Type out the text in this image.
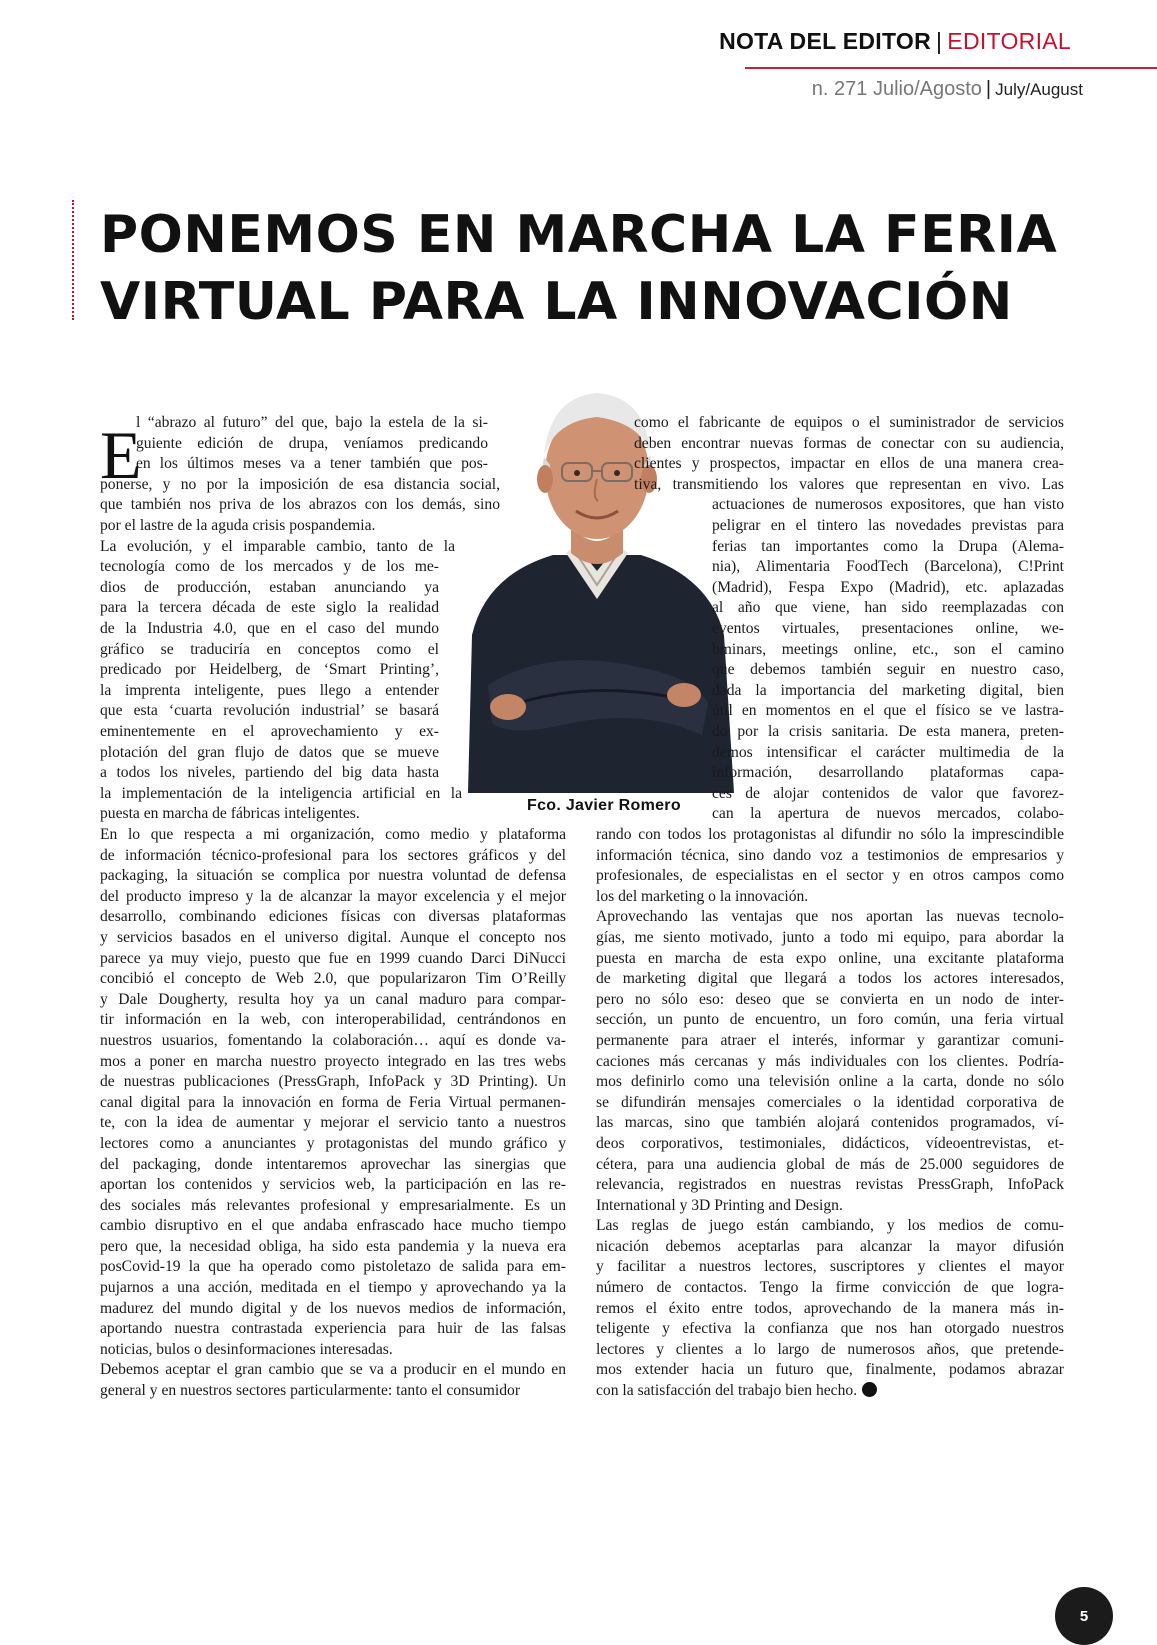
NOTA DEL EDITOR | EDITORIAL
n. 271 Julio/Agosto | July/August
PONEMOS EN MARCHA LA FERIA
VIRTUAL PARA LA INNOVACIÓN
Fco. Javier Romero
E
l “abrazo al futuro” del que, bajo la estela de la si-
guiente edición de drupa, veníamos predicando
en los últimos meses va a tener también que pos-
ponerse, y no por la imposición de esa distancia social,
que también nos priva de los abrazos con los demás, sino
por el lastre de la aguda crisis pospandemia.
La evolución, y el imparable cambio, tanto de la
tecnología como de los mercados y de los me-
dios de producción, estaban anunciando ya
para la tercera década de este siglo la realidad
de la Industria 4.0, que en el caso del mundo
gráfico se traduciría en conceptos como el
predicado por Heidelberg, de ‘Smart Printing’,
la imprenta inteligente, pues llego a entender
que esta ‘cuarta revolución industrial’ se basará
eminentemente en el aprovechamiento y ex-
plotación del gran flujo de datos que se mueve
a todos los niveles, partiendo del big data hasta
la implementación de la inteligencia artificial en la
puesta en marcha de fábricas inteligentes.
En lo que respecta a mi organización, como medio y plataforma
de información técnico-profesional para los sectores gráficos y del
packaging, la situación se complica por nuestra voluntad de defensa
del producto impreso y la de alcanzar la mayor excelencia y el mejor
desarrollo, combinando ediciones físicas con diversas plataformas
y servicios basados en el universo digital. Aunque el concepto nos
parece ya muy viejo, puesto que fue en 1999 cuando Darci DiNucci
concibió el concepto de Web 2.0, que popularizaron Tim O’Reilly
y Dale Dougherty, resulta hoy ya un canal maduro para compar-
tir información en la web, con interoperabilidad, centrándonos en
nuestros usuarios, fomentando la colaboración… aquí es donde va-
mos a poner en marcha nuestro proyecto integrado en las tres webs
de nuestras publicaciones (PressGraph, InfoPack y 3D Printing). Un
canal digital para la innovación en forma de Feria Virtual permanen-
te, con la idea de aumentar y mejorar el servicio tanto a nuestros
lectores como a anunciantes y protagonistas del mundo gráfico y
del packaging, donde intentaremos aprovechar las sinergias que
aportan los contenidos y servicios web, la participación en las re-
des sociales más relevantes profesional y empresarialmente. Es un
cambio disruptivo en el que andaba enfrascado hace mucho tiempo
pero que, la necesidad obliga, ha sido esta pandemia y la nueva era
posCovid-19 la que ha operado como pistoletazo de salida para em-
pujarnos a una acción, meditada en el tiempo y aprovechando ya la
madurez del mundo digital y de los nuevos medios de información,
aportando nuestra contrastada experiencia para huir de las falsas
noticias, bulos o desinformaciones interesadas.
Debemos aceptar el gran cambio que se va a producir en el mundo en
general y en nuestros sectores particularmente: tanto el consumidor
como el fabricante de equipos o el suministrador de servicios
deben encontrar nuevas formas de conectar con su audiencia,
clientes y prospectos, impactar en ellos de una manera crea-
tiva, transmitiendo los valores que representan en vivo. Las
actuaciones de numerosos expositores, que han visto
peligrar en el tintero las novedades previstas para
ferias tan importantes como la Drupa (Alema-
nia), Alimentaria FoodTech (Barcelona), C!Print
(Madrid), Fespa Expo (Madrid), etc. aplazadas
al año que viene, han sido reemplazadas con
eventos virtuales, presentaciones online, we-
bminars, meetings online, etc., son el camino
que debemos también seguir en nuestro caso,
dada la importancia del marketing digital, bien
útil en momentos en el que el físico se ve lastra-
do por la crisis sanitaria. De esta manera, preten-
demos intensificar el carácter multimedia de la
información, desarrollando plataformas capa-
ces de alojar contenidos de valor que favorez-
can la apertura de nuevos mercados, colabo-
rando con todos los protagonistas al difundir no sólo la imprescindible
información técnica, sino dando voz a testimonios de empresarios y
profesionales, de especialistas en el sector y en otros campos como
los del marketing o la innovación.
Aprovechando las ventajas que nos aportan las nuevas tecnolo-
gías, me siento motivado, junto a todo mi equipo, para abordar la
puesta en marcha de esta expo online, una excitante plataforma
de marketing digital que llegará a todos los actores interesados,
pero no sólo eso: deseo que se convierta en un nodo de inter-
sección, un punto de encuentro, un foro común, una feria virtual
permanente para atraer el interés, informar y garantizar comuni-
caciones más cercanas y más individuales con los clientes. Podría-
mos definirlo como una televisión online a la carta, donde no sólo
se difundirán mensajes comerciales o la identidad corporativa de
las marcas, sino que también alojará contenidos programados, ví-
deos corporativos, testimoniales, didácticos, vídeoentrevistas, et-
cétera, para una audiencia global de más de 25.000 seguidores de
relevancia, registrados en nuestras revistas PressGraph, InfoPack
International y 3D Printing and Design.
Las reglas de juego están cambiando, y los medios de comu-
nicación debemos aceptarlas para alcanzar la mayor difusión
y facilitar a nuestros lectores, suscriptores y clientes el mayor
número de contactos. Tengo la firme convicción de que logra-
remos el éxito entre todos, aprovechando de la manera más in-
teligente y efectiva la confianza que nos han otorgado nuestros
lectores y clientes a lo largo de numerosos años, que pretende-
mos extender hacia un futuro que, finalmente, podamos abrazar
con la satisfacción del trabajo bien hecho.
5
